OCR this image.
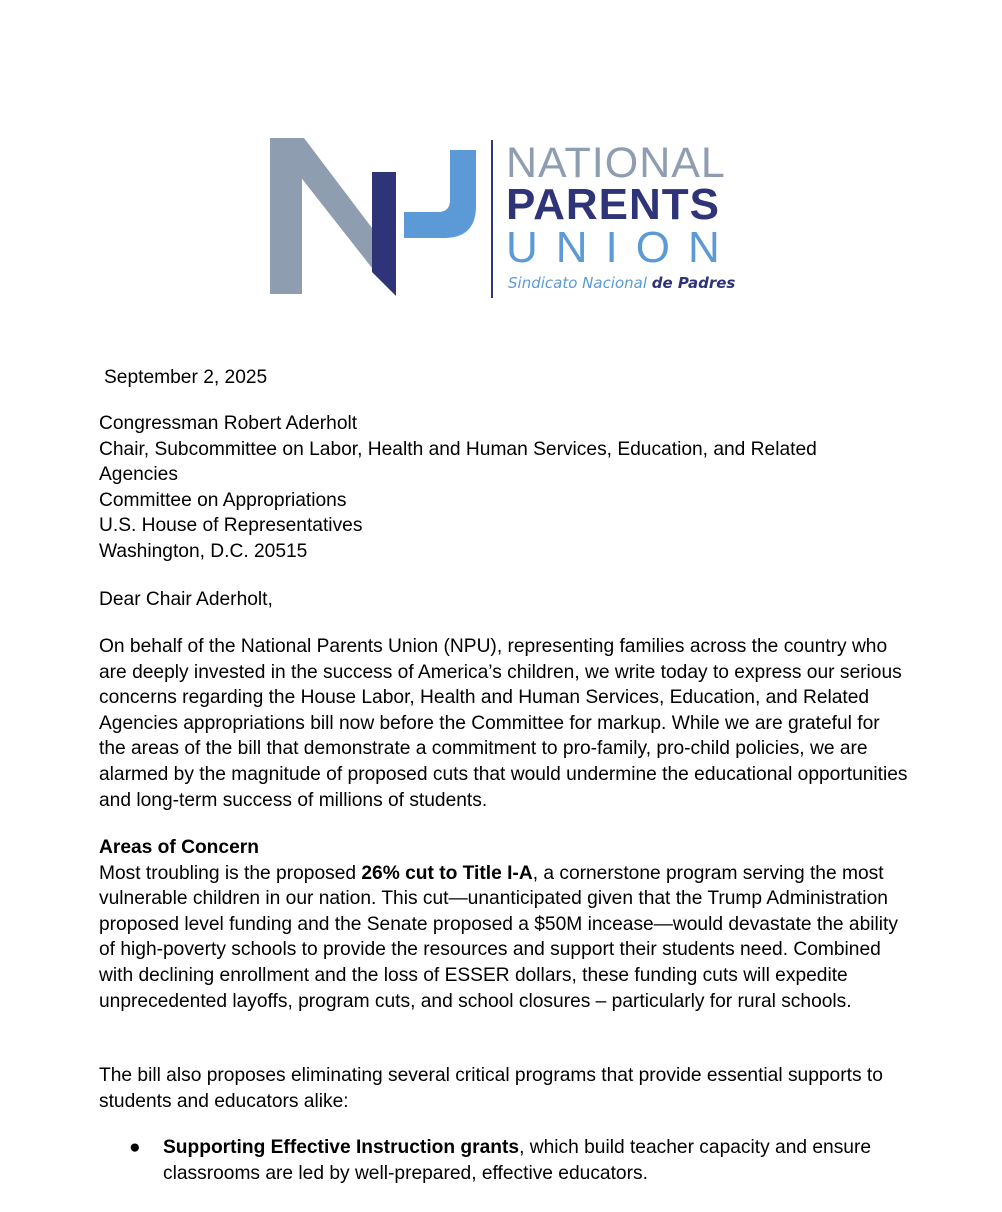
NATIONAL
PARENTS
UNION
Sindicato Nacional de Padres

September 2, 2025

Congressman Robert Aderholt
Chair, Subcommittee on Labor, Health and Human Services, Education, and Related
Agencies
Committee on Appropriations
U.S. House of Representatives
Washington, D.C. 20515

Dear Chair Aderholt,

On behalf of the National Parents Union (NPU), representing families across the country who are deeply invested in the success of America’s children, we write today to express our serious concerns regarding the House Labor, Health and Human Services, Education, and Related Agencies appropriations bill now before the Committee for markup. While we are grateful for the areas of the bill that demonstrate a commitment to pro-family, pro-child policies, we are alarmed by the magnitude of proposed cuts that would undermine the educational opportunities and long-term success of millions of students.

Areas of Concern
Most troubling is the proposed 26% cut to Title I-A, a cornerstone program serving the most vulnerable children in our nation. This cut—unanticipated given that the Trump Administration proposed level funding and the Senate proposed a $50M incease—would devastate the ability of high-poverty schools to provide the resources and support their students need. Combined with declining enrollment and the loss of ESSER dollars, these funding cuts will expedite unprecedented layoffs, program cuts, and school closures – particularly for rural schools.

The bill also proposes eliminating several critical programs that provide essential supports to students and educators alike:

● Supporting Effective Instruction grants, which build teacher capacity and ensure classrooms are led by well-prepared, effective educators.
